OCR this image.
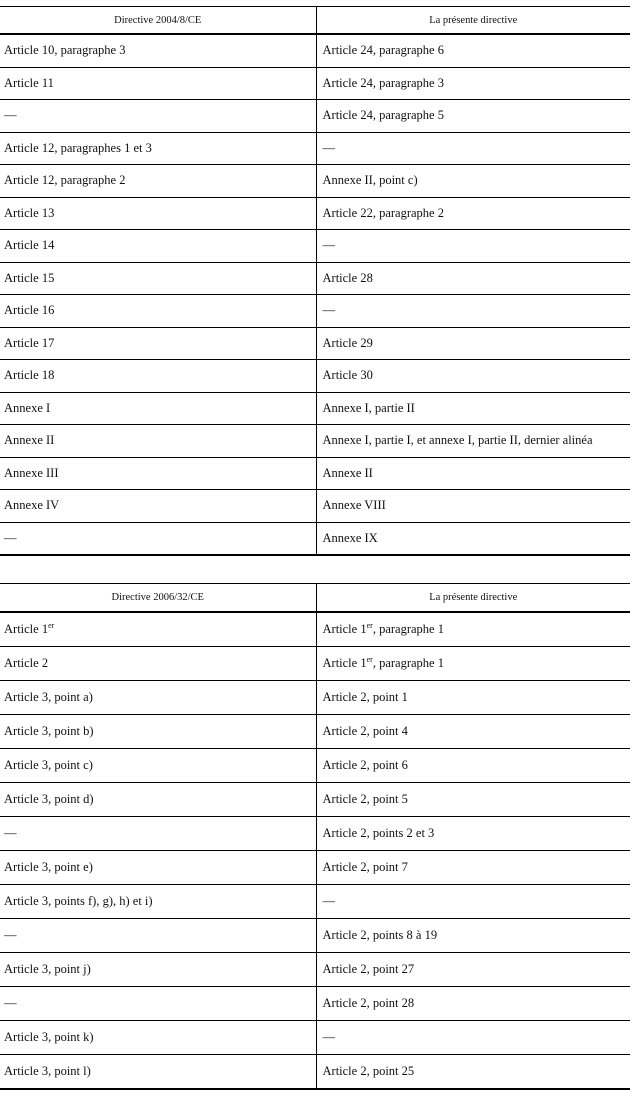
Directive 2004/8/CE	La présente directive
Article 10, paragraphe 3	Article 24, paragraphe 6
Article 11	Article 24, paragraphe 3
—	Article 24, paragraphe 5
Article 12, paragraphes 1 et 3	—
Article 12, paragraphe 2	Annexe II, point c)
Article 13	Article 22, paragraphe 2
Article 14	—
Article 15	Article 28
Article 16	—
Article 17	Article 29
Article 18	Article 30
Annexe I	Annexe I, partie II
Annexe II	Annexe I, partie I, et annexe I, partie II, dernier alinéa
Annexe III	Annexe II
Annexe IV	Annexe VIII
—	Annexe IX
Directive 2006/32/CE	La présente directive
Article 1er	Article 1er, paragraphe 1
Article 2	Article 1er, paragraphe 1
Article 3, point a)	Article 2, point 1
Article 3, point b)	Article 2, point 4
Article 3, point c)	Article 2, point 6
Article 3, point d)	Article 2, point 5
—	Article 2, points 2 et 3
Article 3, point e)	Article 2, point 7
Article 3, points f), g), h) et i)	—
—	Article 2, points 8 à 19
Article 3, point j)	Article 2, point 27
—	Article 2, point 28
Article 3, point k)	—
Article 3, point l)	Article 2, point 25
